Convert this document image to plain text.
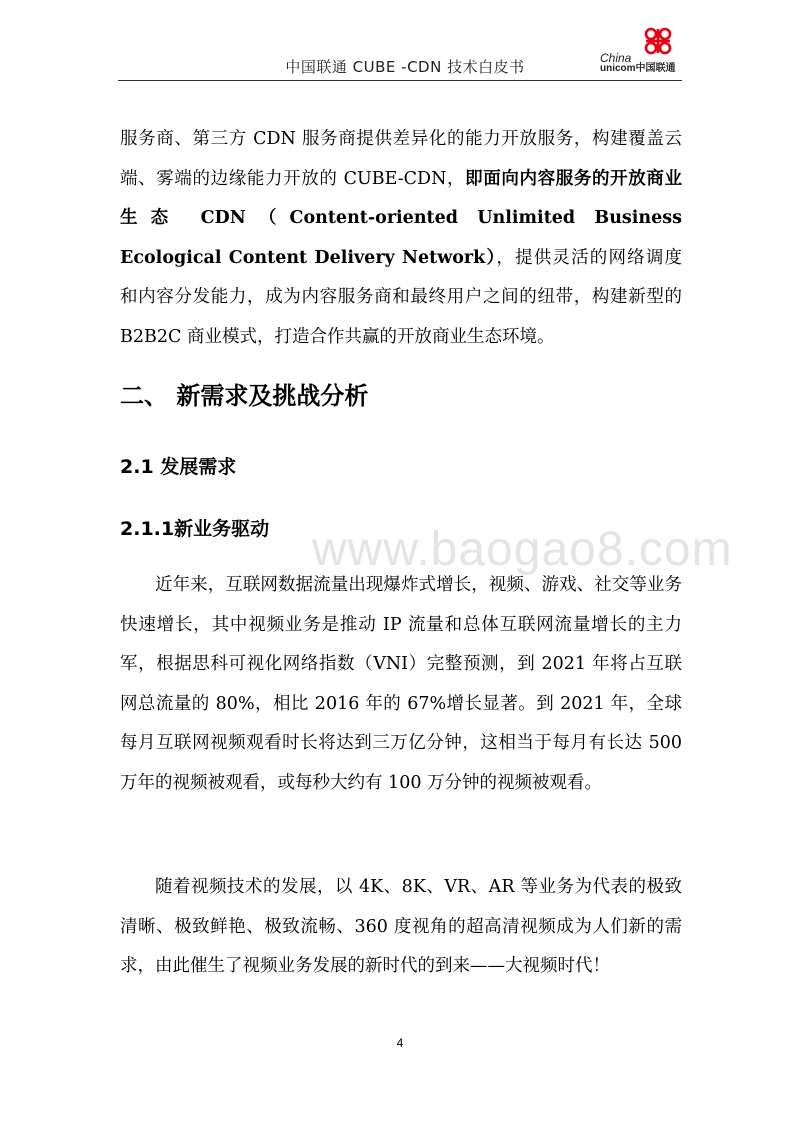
中国联通 CUBE -CDN 技术白皮书	China
unicom中国联通
www.baogao8.com

服务商、第三方 CDN 服务商提供差异化的能力开放服务，构建覆盖云端、雾端的边缘能力开放的 CUBE-CDN，即面向内容服务的开放商业生态 CDN（Content-oriented Unlimited Business Ecological Content Delivery Network），提供灵活的网络调度和内容分发能力，成为内容服务商和最终用户之间的纽带，构建新型的 B2B2C 商业模式，打造合作共赢的开放商业生态环境。

二、 新需求及挑战分析
2.1 发展需求
2.1.1新业务驱动

近年来，互联网数据流量出现爆炸式增长，视频、游戏、社交等业务快速增长，其中视频业务是推动 IP 流量和总体互联网流量增长的主力军，根据思科可视化网络指数（VNI）完整预测，到 2021 年将占互联网总流量的 80%，相比 2016 年的 67%增长显著。到 2021 年，全球每月互联网视频观看时长将达到三万亿分钟，这相当于每月有长达 500 万年的视频被观看，或每秒大约有 100 万分钟的视频被观看。

随着视频技术的发展，以 4K、8K、VR、AR 等业务为代表的极致清晰、极致鲜艳、极致流畅、360 度视角的超高清视频成为人们新的需求，由此催生了视频业务发展的新时代的到来——大视频时代！

4
